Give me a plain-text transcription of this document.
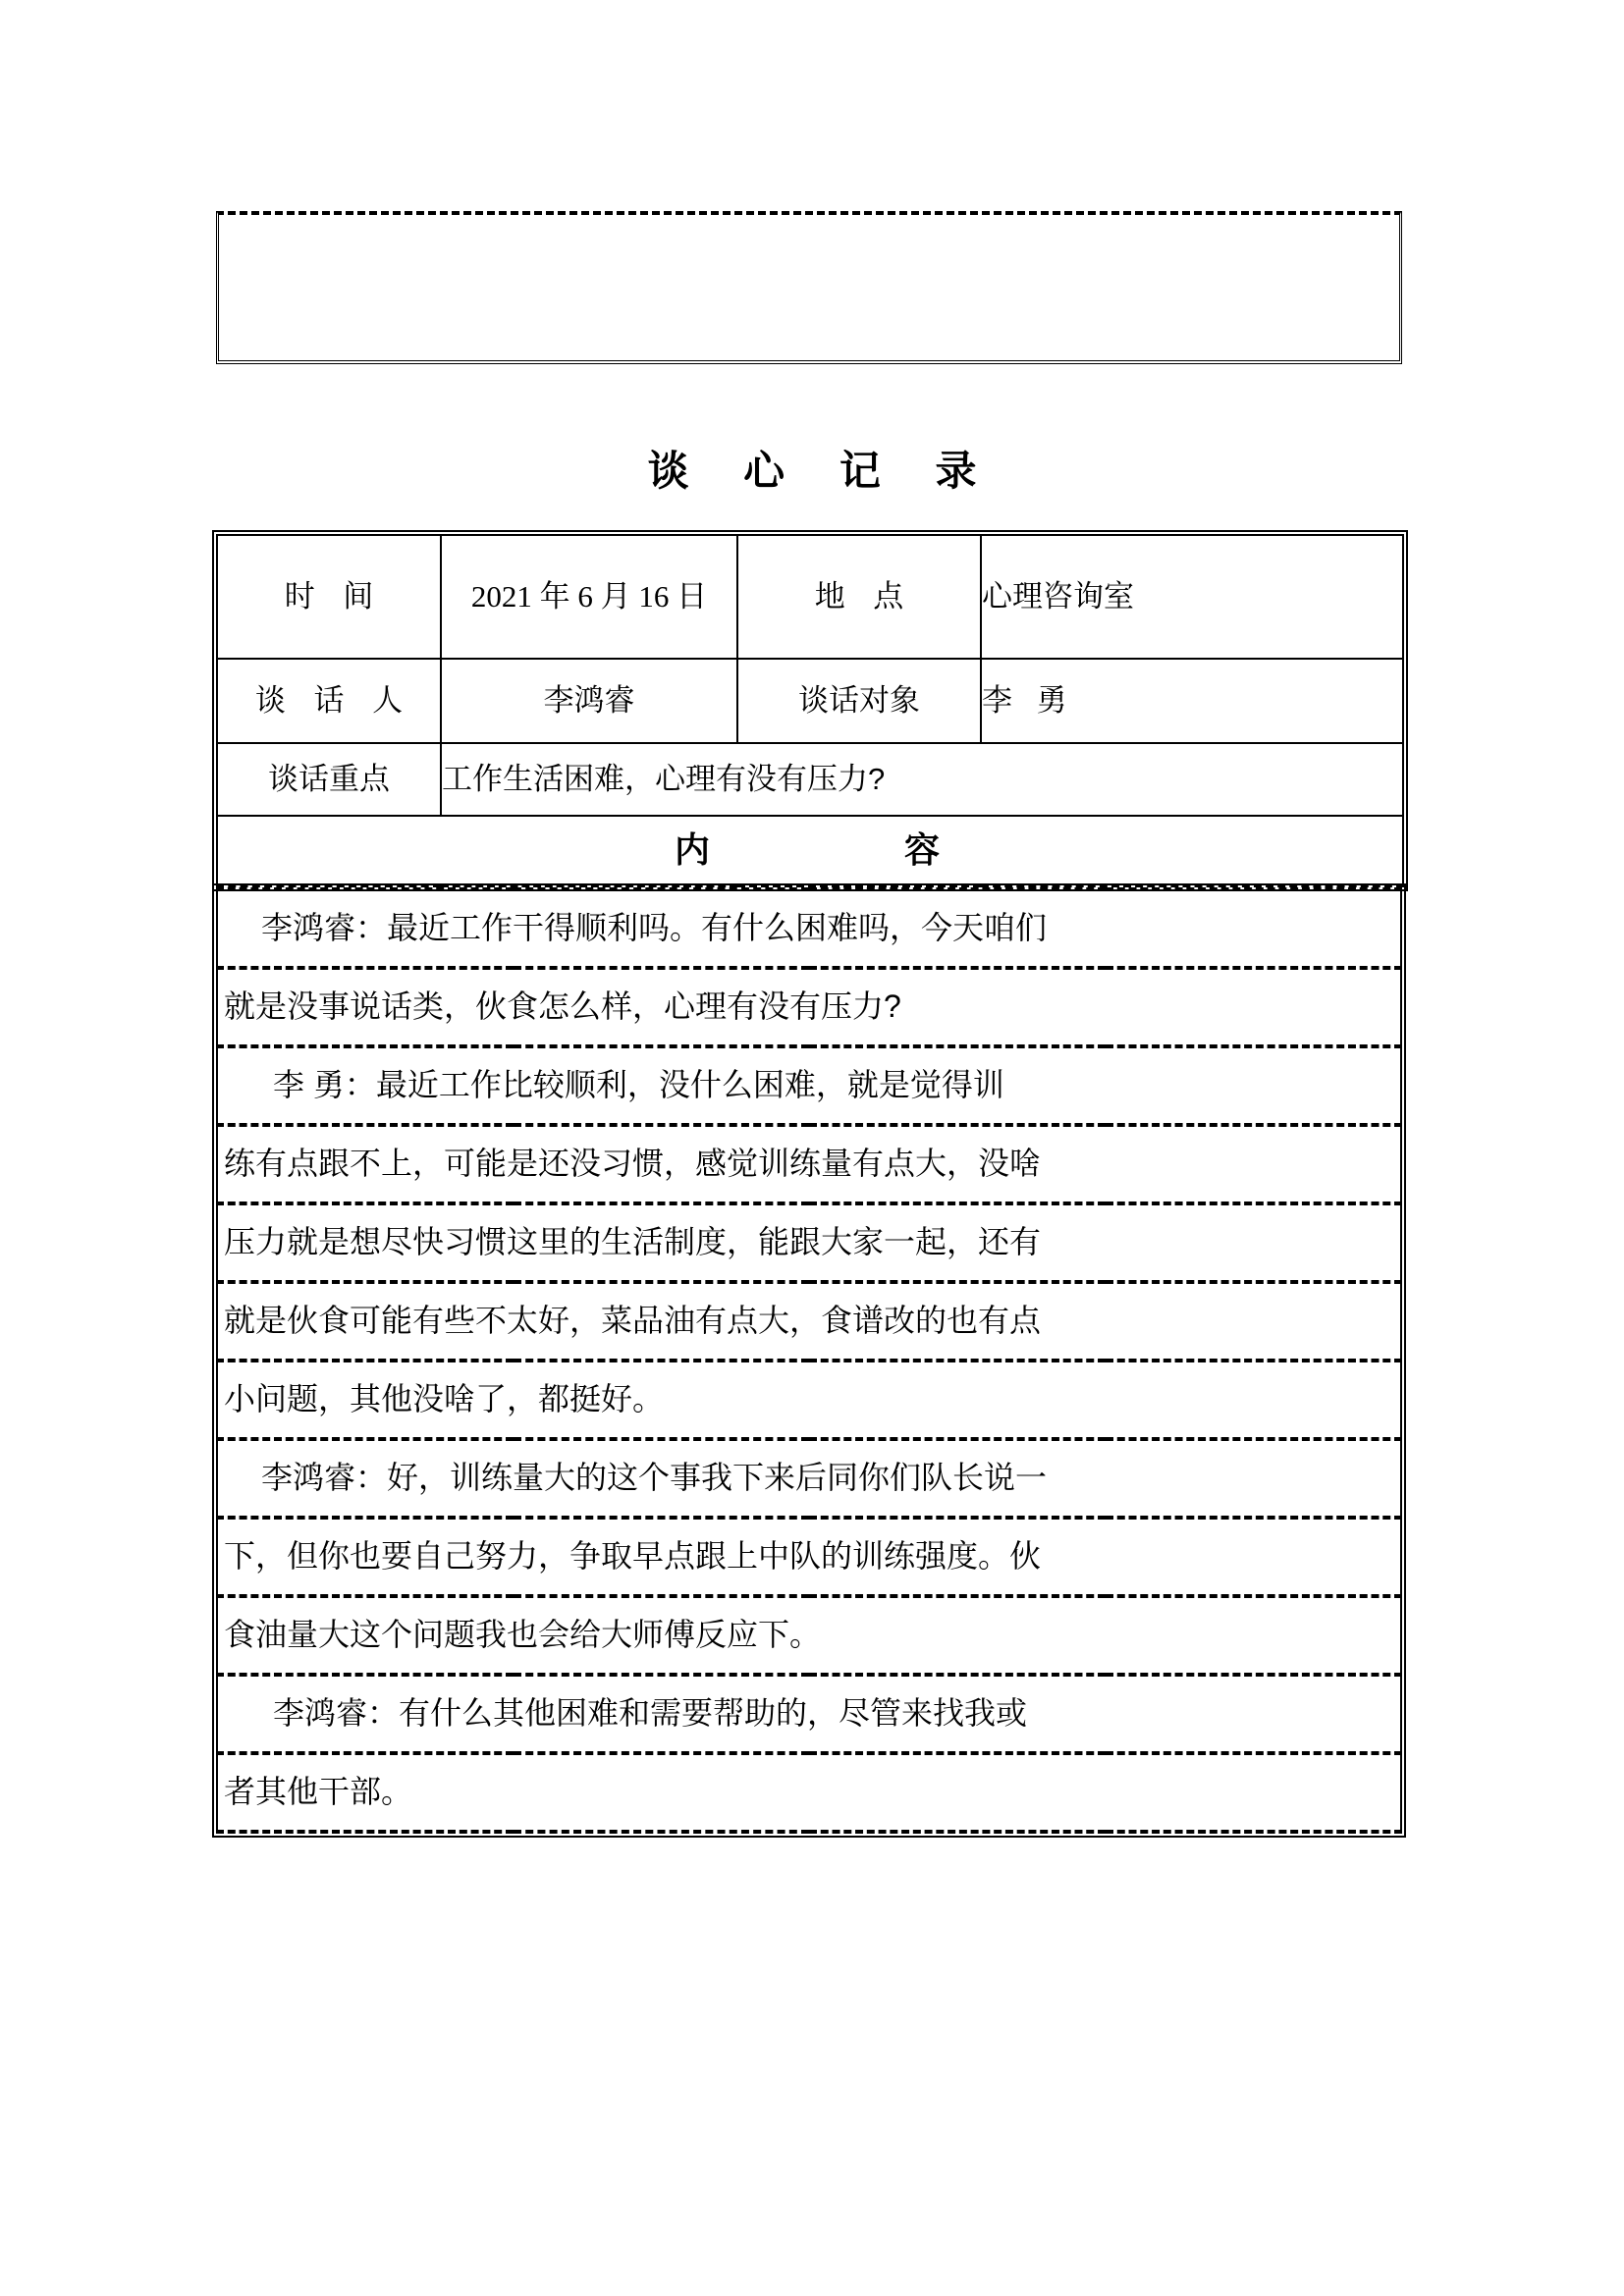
谈 心 记 录
时 间	2021 年 6 月 16 日	地 点	心理咨询室
谈 话 人	李鸿睿	谈话对象	李 勇
谈话重点	工作生活困难，心理有没有压力?		
内            容			
李鸿睿：最近工作干得顺利吗。有什么困难吗，今天咱们
就是没事说话类，伙食怎么样，心理有没有压力?
李 勇：最近工作比较顺利，没什么困难，就是觉得训
练有点跟不上，可能是还没习惯，感觉训练量有点大，没啥
压力就是想尽快习惯这里的生活制度，能跟大家一起，还有
就是伙食可能有些不太好，菜品油有点大，食谱改的也有点
小问题，其他没啥了，都挺好。
李鸿睿：好，训练量大的这个事我下来后同你们队长说一
下，但你也要自己努力，争取早点跟上中队的训练强度。伙
食油量大这个问题我也会给大师傅反应下。
李鸿睿：有什么其他困难和需要帮助的，尽管来找我或
者其他干部。
